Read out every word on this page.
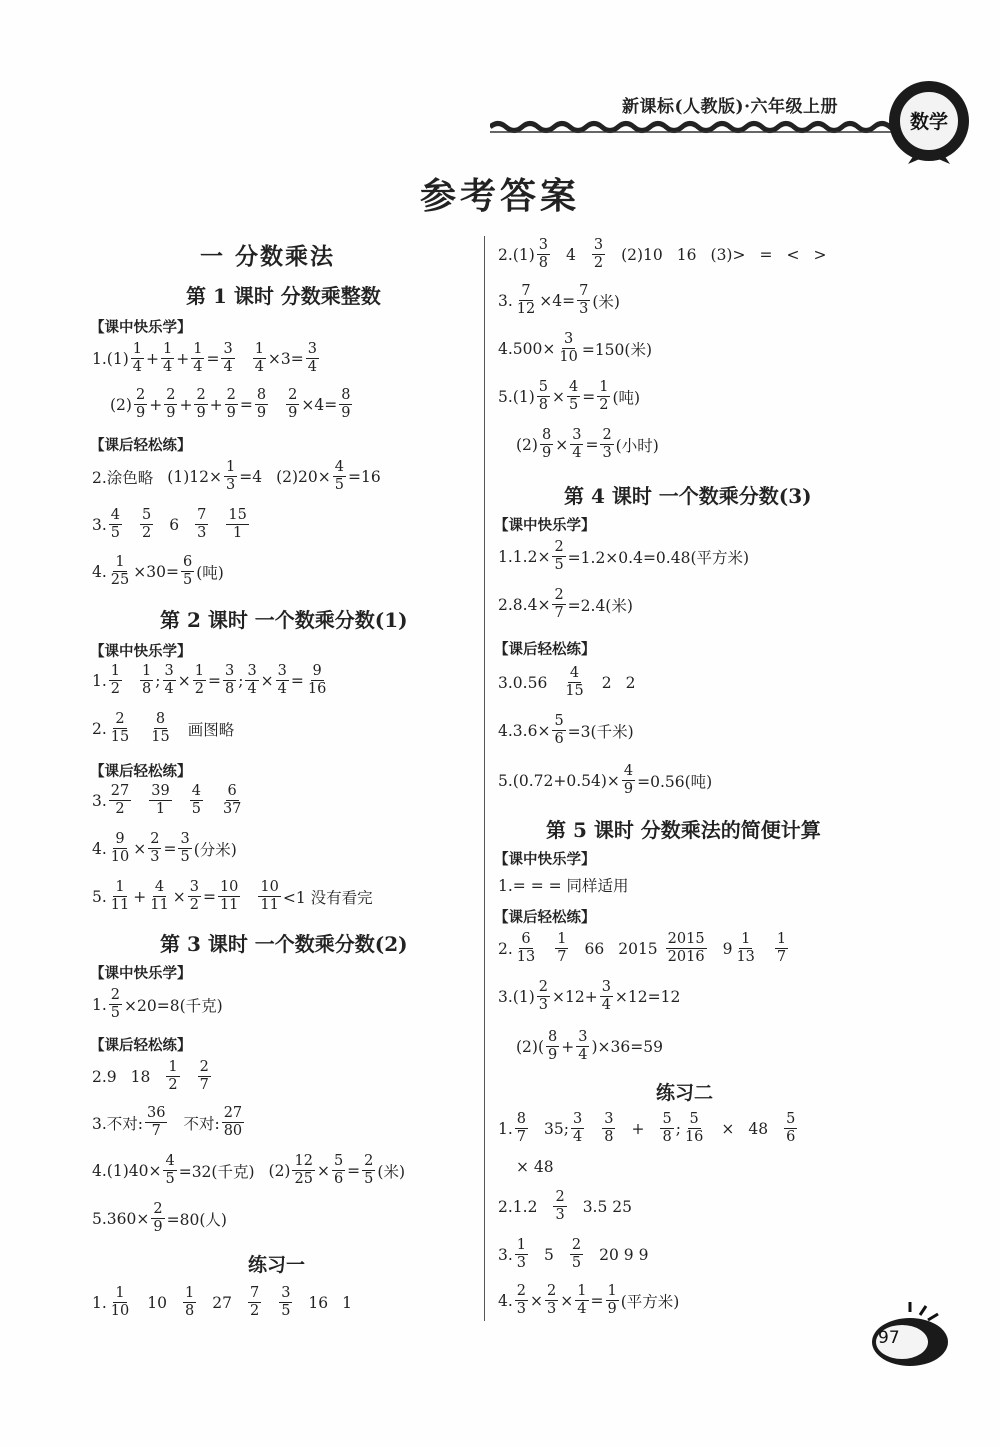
新课标(人教版)·六年级上册
数学
参考答案
一 分数乘法
第 1 课时 分数乘整数
【课中快乐学】
$1.(1) \frac{1}{4} + \frac{1}{4} + \frac{1}{4} = \frac{3}{4} \frac{1}{4} \times 3 = \frac{3}{4}$
$(2) \frac{2}{9} + \frac{2}{9} + \frac{2}{9} + \frac{2}{9} = \frac{8}{9} \frac{2}{9} \times 4 = \frac{8}{9}$
【课后轻松练】
2.涂色略 $(1)12\times \frac{1}{3} =4$ $(2)20\times \frac{4}{5} =16$
3. $\frac{4}{5} \frac{5}{2} 6 \frac{7}{3} \frac{15}{1}$
4. $\frac{1}{25} \times 30= \frac{6}{5}$ (吨)
第 2 课时 一个数乘分数(1)
【课中快乐学】
1. $\frac{1}{2} \frac{1}{8}$ ; $\frac{3}{4} \times \frac{1}{2} = \frac{3}{8}$ ; $\frac{3}{4} \times \frac{3}{4} = \frac{9}{16}$
2. $\frac{2}{15} \frac{8}{15}$ 画图略
【课后轻松练】
3. $\frac{27}{2} \frac{39}{1} \frac{4}{5} \frac{6}{37}$
4. $\frac{9}{10} \times \frac{2}{3} = \frac{3}{5}$ (分米)
5. $\frac{1}{11} + \frac{4}{11} \times \frac{3}{2} = \frac{10}{11} \frac{10}{11} <1$ 没有看完
第 3 课时 一个数乘分数(2)
【课中快乐学】
1. $\frac{2}{5} \times 20=8$(千克)
【课后轻松练】
2.9 $18 \frac{1}{2} \frac{2}{7}$
3.不对: $\frac{36}{7}$ 不对: $\frac{27}{80}$
$4.(1)40\times \frac{4}{5} =32$(千克) $(2) \frac{12}{25} \times \frac{5}{6} = \frac{2}{5}$ (米)
$5.360\times \frac{2}{9} =80$(人)
练习一
1. $\frac{1}{10} 10 \frac{1}{8} 27 \frac{7}{2} \frac{3}{5} 16$ 1
$2.(1) \frac{3}{8} 4 \frac{3}{2} (2)10$ 16 (3) > = < >
3. $\frac{7}{12} \times 4 = \frac{7}{3}$ (米)
$4.500\times \frac{3}{10} =150$(米)
$5.(1) \frac{5}{8} \times \frac{4}{5} = \frac{1}{2}$ (吨)
$(2) \frac{8}{9} \times \frac{3}{4} = \frac{2}{3}$ (小时)
第 4 课时 一个数乘分数(3)
【课中快乐学】
$1.1.2\times \frac{2}{5} =1.2\times 0.4=0.48$(平方米)
$2.8.4\times \frac{2}{7} =2.4$(米)
【课后轻松练】
$3.0.56 \frac{4}{15} 2$ 2
$4.3.6\times \frac{5}{6} =3$(千米)
$5.(0.72+0.54)\times \frac{4}{9} =0.56$(吨)
第 5 课时 分数乘法的简便计算
【课中快乐学】
1.= = = 同样适用
【课后轻松练】
2. $\frac{6}{13} \frac{1}{7} 66$ $2015 \frac{2015}{2016} 9 \frac{1}{13} \frac{1}{7}$
$3.(1) \frac{2}{3} \times 12+ \frac{3}{4} \times 12=12$
$(2)( \frac{8}{9} + \frac{3}{4} )\times 36=59$
练习二
1. $\frac{8}{7} 35$ ; $\frac{3}{4} \frac{3}{8} + \frac{5}{8}$ ; $\frac{5}{16} \times 48 \frac{5}{6}$
× 48
$2.1.2 \frac{2}{3} 3.5$ 25
3. $\frac{1}{3} 5 \frac{2}{5} 20$ 9 9
4. $\frac{2}{3} \times \frac{2}{3} \times \frac{1}{4} = \frac{1}{9}$ (平方米)
97
